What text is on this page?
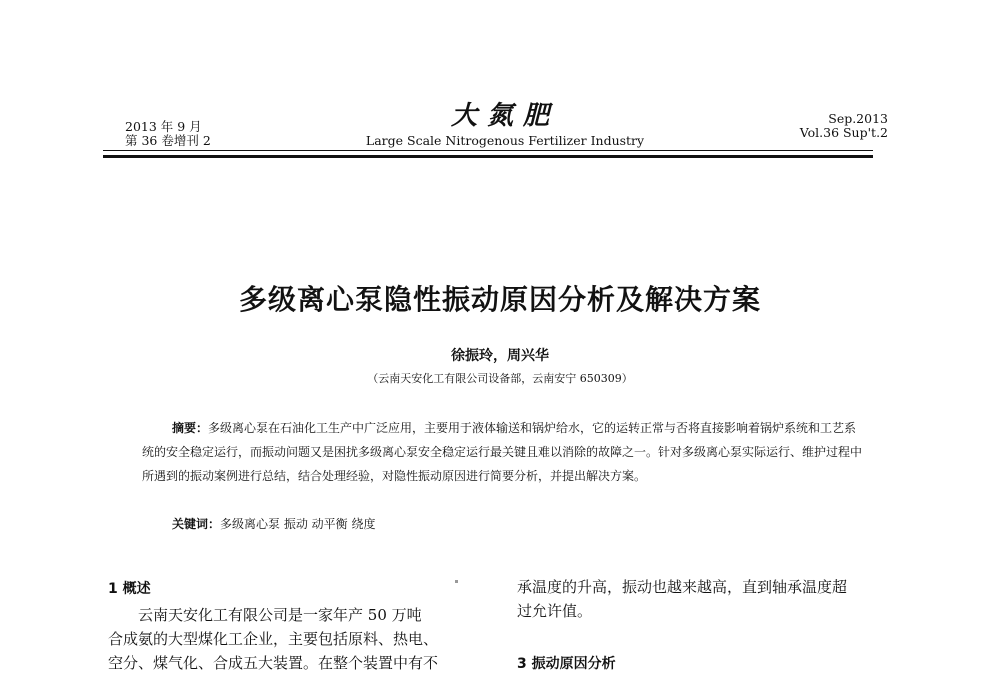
2013 年 9 月
第 36 卷增刊 2
大氮肥
Large Scale Nitrogenous Fertilizer Industry
Sep.2013
Vol.36 Sup't.2
多级离心泵隐性振动原因分析及解决方案
徐振玲，周兴华
（云南天安化工有限公司设备部，云南安宁 650309）

摘要：多级离心泵在石油化工生产中广泛应用，主要用于液体输送和锅炉给水，它的运转正常与否将直接影响着锅炉系统和工艺系统的安全稳定运行，而振动问题又是困扰多级离心泵安全稳定运行最关键且难以消除的故障之一。针对多级离心泵实际运行、维护过程中所遇到的振动案例进行总结，结合处理经验，对隐性振动原因进行简要分析，并提出解决方案。

关键词：多级离心泵 振动 动平衡 绕度
1 概述
云南天安化工有限公司是一家年产 50 万吨
合成氨的大型煤化工企业，主要包括原料、热电、
空分、煤气化、合成五大装置。在整个装置中有不
承温度的升高，振动也越来越高，直到轴承温度超
过允许值。
3 振动原因分析
